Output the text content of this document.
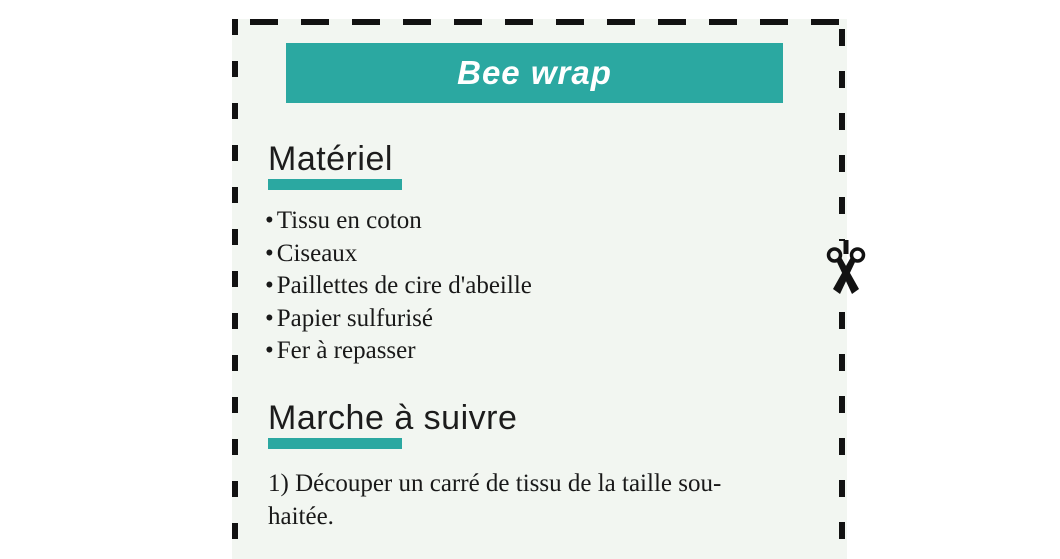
Bee wrap
Matériel
• Tissu en coton
• Ciseaux
• Paillettes de cire d'abeille
• Papier sulfurisé
• Fer à repasser
Marche à suivre
1) Découper un carré de tissu de la taille sou-
haitée.
